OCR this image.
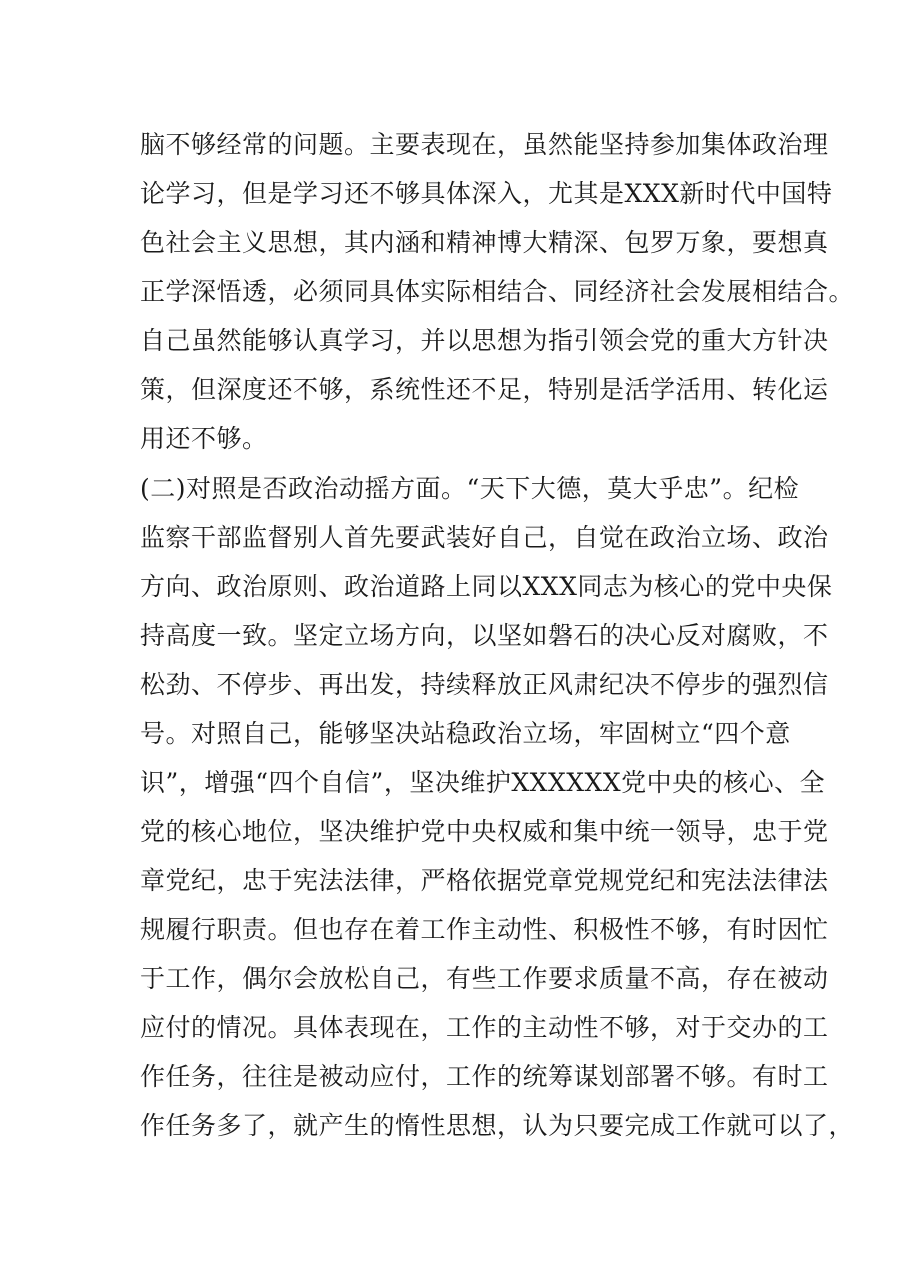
脑不够经常的问题。主要表现在，虽然能坚持参加集体政治理
论学习，但是学习还不够具体深入，尤其是XXX新时代中国特
色社会主义思想，其内涵和精神博大精深、包罗万象，要想真
正学深悟透，必须同具体实际相结合、同经济社会发展相结合。
自己虽然能够认真学习，并以思想为指引领会党的重大方针决
策，但深度还不够，系统性还不足，特别是活学活用、转化运
用还不够。
(二)对照是否政治动摇方面。“天下大德，莫大乎忠”。纪检
监察干部监督别人首先要武装好自己，自觉在政治立场、政治
方向、政治原则、政治道路上同以XXX同志为核心的党中央保
持高度一致。坚定立场方向，以坚如磐石的决心反对腐败，不
松劲、不停步、再出发，持续释放正风肃纪决不停步的强烈信
号。对照自己，能够坚决站稳政治立场，牢固树立“四个意
识”，增强“四个自信”，坚决维护XXXXXX党中央的核心、全
党的核心地位，坚决维护党中央权威和集中统一领导，忠于党
章党纪，忠于宪法法律，严格依据党章党规党纪和宪法法律法
规履行职责。但也存在着工作主动性、积极性不够，有时因忙
于工作，偶尔会放松自己，有些工作要求质量不高，存在被动
应付的情况。具体表现在，工作的主动性不够，对于交办的工
作任务，往往是被动应付，工作的统筹谋划部署不够。有时工
作任务多了，就产生的惰性思想，认为只要完成工作就可以了，
